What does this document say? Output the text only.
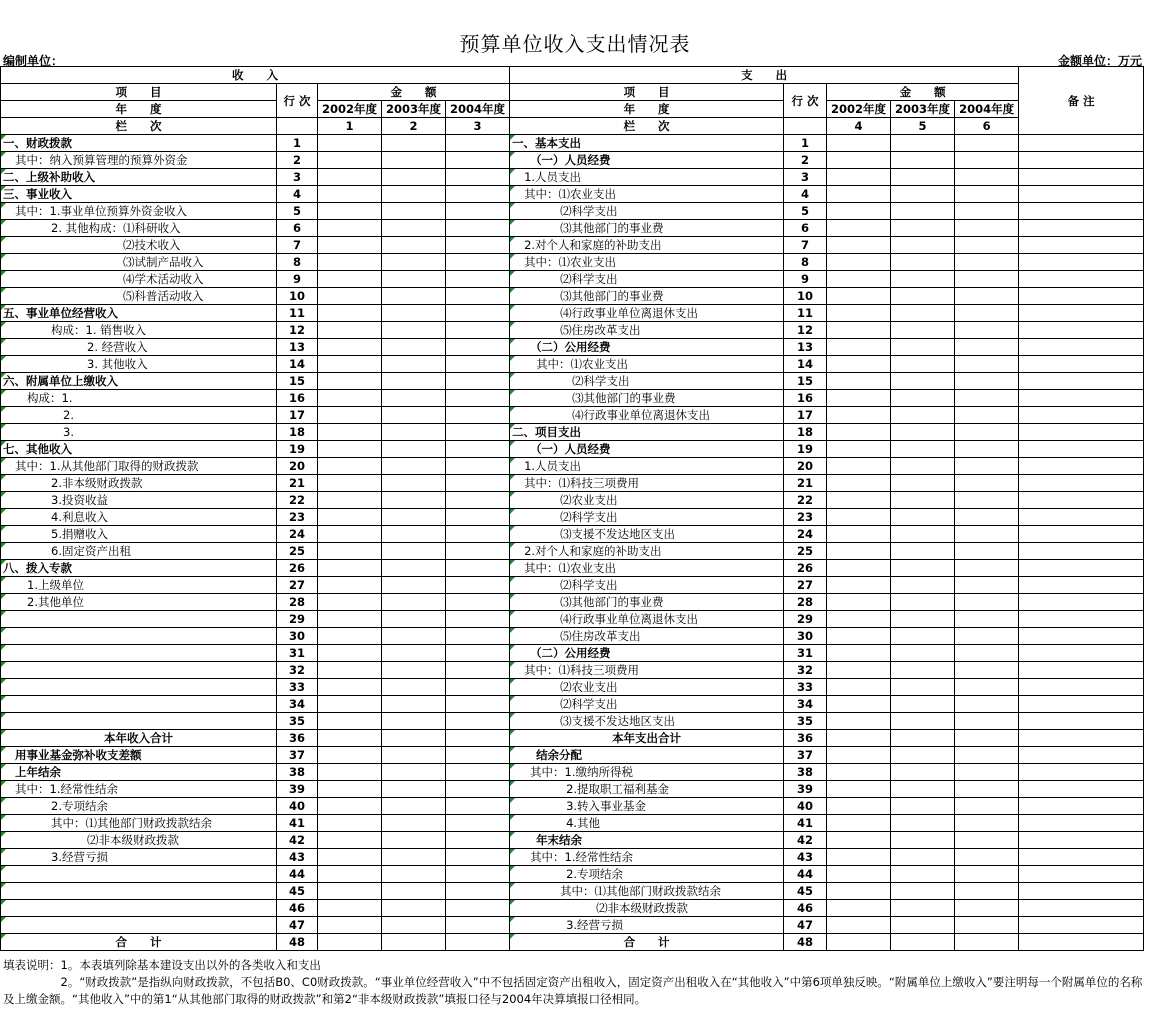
预算单位收入支出情况表
编制单位：	金额单位：万元
收　　入					支　　出					备 注
项　　目	行 次	金　　额			项　　目	行 次	金　　额			
年　　度		2002年度	2003年度	2004年度	年　　度		2002年度	2003年度	2004年度	
栏　　次		1	2	3	栏　　次		4	5	6	
一、财政拨款	1				一、基本支出	1				
其中：纳入预算管理的预算外资金	2				（一）人员经费	2				
二、上级补助收入	3				1.人员支出	3				
三、事业收入	4				其中：⑴农业支出	4				
其中：1.事业单位预算外资金收入	5				⑵科学支出	5				
2. 其他构成：⑴科研收入	6				⑶其他部门的事业费	6				
⑵技术收入	7				2.对个人和家庭的补助支出	7				
⑶试制产品收入	8				其中：⑴农业支出	8				
⑷学术活动收入	9				⑵科学支出	9				
⑸科普活动收入	10				⑶其他部门的事业费	10				
五、事业单位经营收入	11				⑷行政事业单位离退休支出	11				
构成：1. 销售收入	12				⑸住房改革支出	12				
2. 经营收入	13				（二）公用经费	13				
3. 其他收入	14				其中：⑴农业支出	14				
六、附属单位上缴收入	15				⑵科学支出	15				
构成：1.	16				⑶其他部门的事业费	16				
2.	17				⑷行政事业单位离退休支出	17				
3.	18				二、项目支出	18				
七、其他收入	19				（一）人员经费	19				
其中：1.从其他部门取得的财政拨款	20				1.人员支出	20				
2.非本级财政拨款	21				其中：⑴科技三项费用	21				
3.投资收益	22				⑵农业支出	22				
4.利息收入	23				⑵科学支出	23				
5.捐赠收入	24				⑶支援不发达地区支出	24				
6.固定资产出租	25				2.对个人和家庭的补助支出	25				
八、拨入专款	26				其中：⑴农业支出	26				
1.上级单位	27				⑵科学支出	27				
2.其他单位	28				⑶其他部门的事业费	28				
	29				⑷行政事业单位离退休支出	29				
	30				⑸住房改革支出	30				
	31				（二）公用经费	31				
	32				其中：⑴科技三项费用	32				
	33				⑵农业支出	33				
	34				⑵科学支出	34				
	35				⑶支援不发达地区支出	35				
本年收入合计	36				本年支出合计	36				
用事业基金弥补收支差额	37				结余分配	37				
上年结余	38				其中：1.缴纳所得税	38				
其中：1.经常性结余	39				2.提取职工福利基金	39				
2.专项结余	40				3.转入事业基金	40				
其中：⑴其他部门财政拨款结余	41				4.其他	41				
⑵非本级财政拨款	42				年末结余	42				
3.经营亏损	43				其中：1.经常性结余	43				
	44				2.专项结余	44				
	45				其中：⑴其他部门财政拨款结余	45				
	46				⑵非本级财政拨款	46				
	47				3.经营亏损	47				
合　　计	48				合　　计	48				
填表说明：1。本表填列除基本建设支出以外的各类收入和支出
　　　　　2。“财政拨款”是指纵向财政拨款，不包括B0、C0财政拨款。“事业单位经营收入”中不包括固定资产出租收入，固定资产出租收入在“其他收入”中第6项单独反映。“附属单位上缴收入”要注明每一个附属单位的名称及上缴金额。“其他收入”中的第1“从其他部门取得的财政拨款”和第2“非本级财政拨款”填报口径与2004年决算填报口径相同。
